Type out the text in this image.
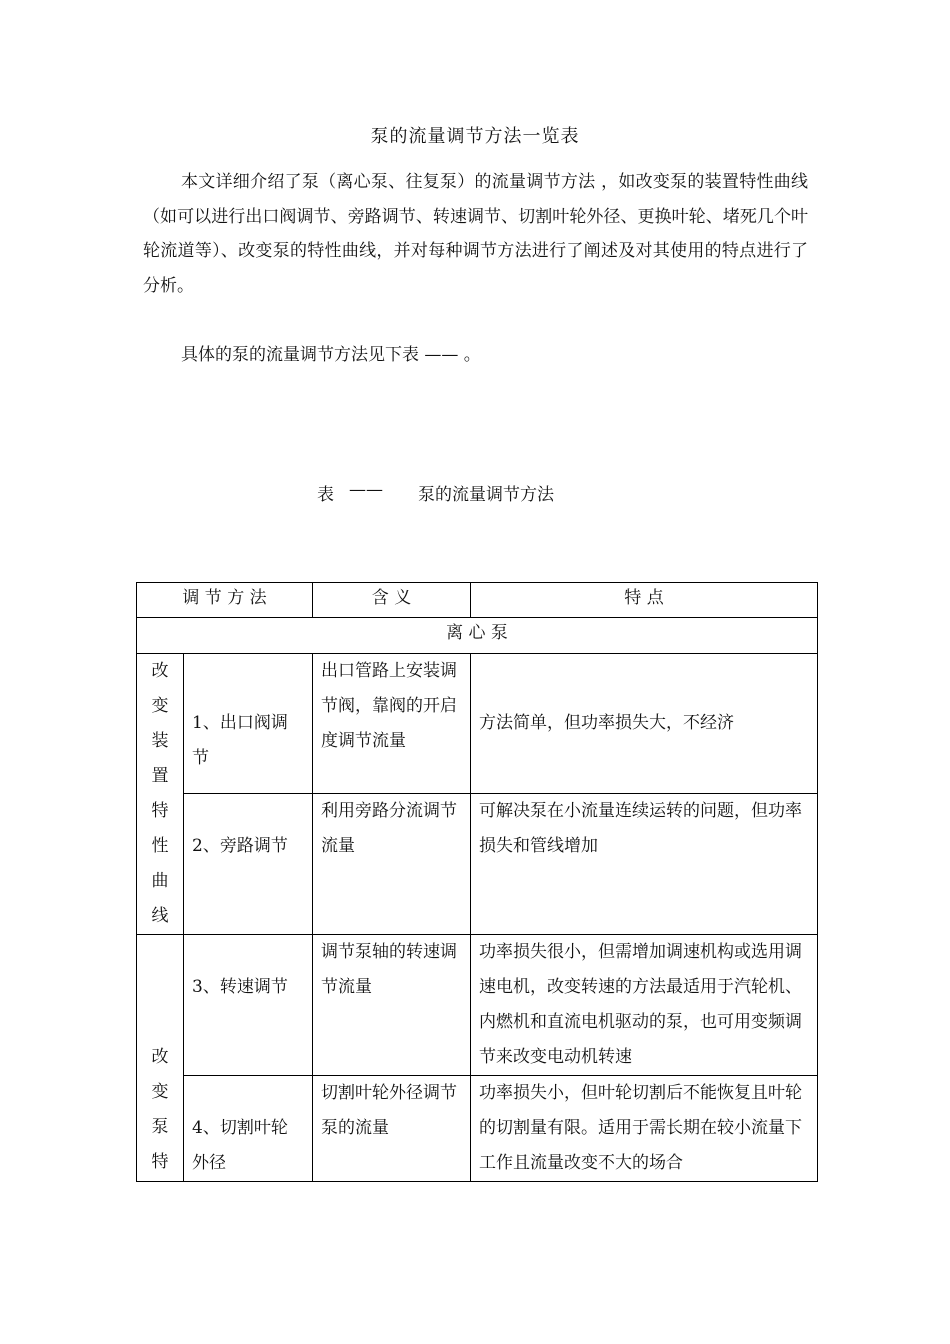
泵的流量调节方法一览表
本文详细介绍了泵（离心泵、往复泵）的流量调节方法 ，如改变泵的装置特性曲线（如可以进行出口阀调节、旁路调节、转速调节、切割叶轮外径、更换叶轮、堵死几个叶轮流道等）、改变泵的特性曲线，并对每种调节方法进行了阐述及对其使用的特点进行了分析。
具体的泵的流量调节方法见下表 —— 。
表 —— 泵的流量调节方法
调 节 方 法		含 义	特 点
离 心 泵			

改变装置特性曲线	1、出口阀调节	出口管路上安装调节阀，靠阀的开启度调节流量	方法简单，但功率损失大，不经济

	2、旁路调节	利用旁路分流调节流量	可解决泵在小流量连续运转的问题，但功率损失和管线增加

改变泵特	3、转速调节	调节泵轴的转速调节流量	功率损失很小，但需增加调速机构或选用调速电机，改变转速的方法最适用于汽轮机、内燃机和直流电机驱动的泵，也可用变频调节来改变电动机转速

	4、切割叶轮外径	切割叶轮外径调节泵的流量	功率损失小，但叶轮切割后不能恢复且叶轮的切割量有限。适用于需长期在较小流量下工作且流量改变不大的场合
